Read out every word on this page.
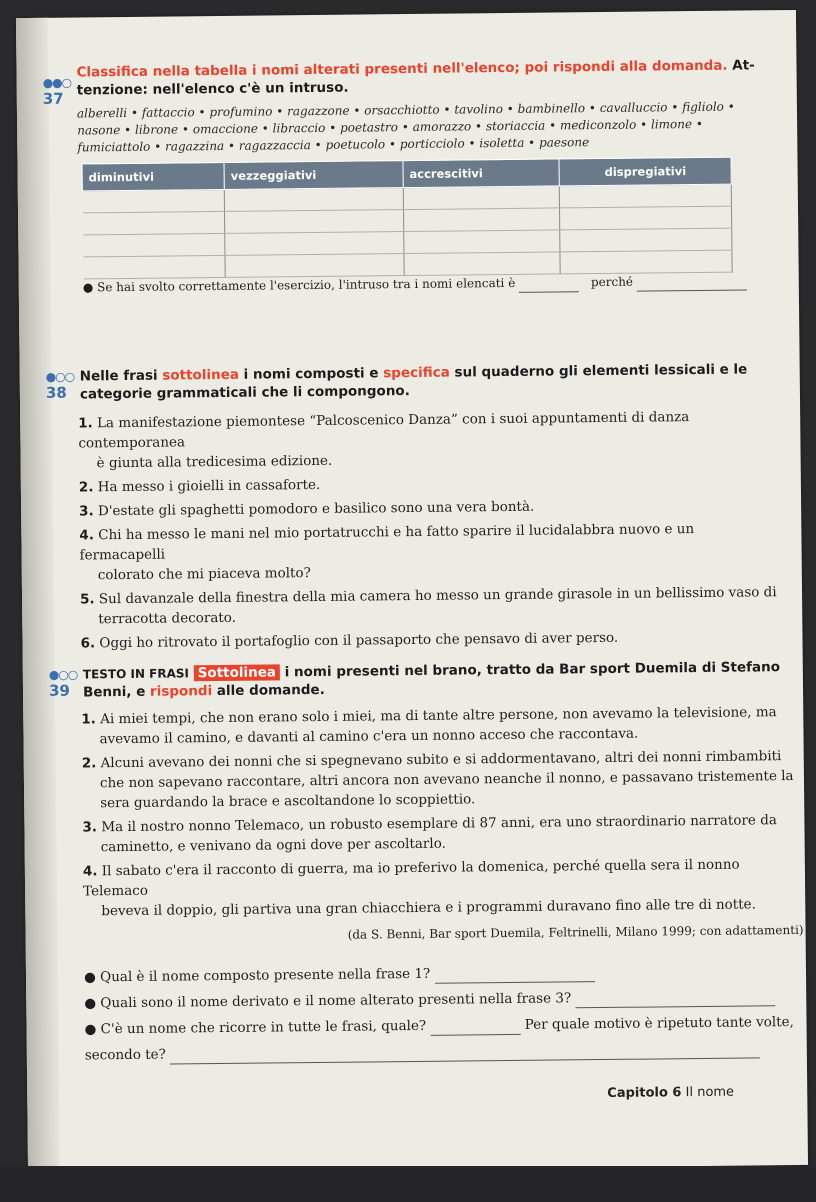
●●○
37
Classifica nella tabella i nomi alterati presenti nell'elenco; poi rispondi alla domanda. At-
tenzione: nell'elenco c'è un intruso.
alberelli • fattaccio • profumino • ragazzone • orsacchiotto • tavolino • bambinello • cavalluccio • figliolo •
nasone • librone • omaccione • libraccio • poetastro • amorazzo • storiaccia • mediconzolo • limone •
fumiciattolo • ragazzina • ragazzaccia • poetucolo • porticciolo • isoletta • paesone
diminutivi	vezzeggiativi	accrescitivi	dispregiativi

● Se hai svolto correttamente l'esercizio, l'intruso tra i nomi elencati è	perché
●○○
38
Nelle frasi sottolinea i nomi composti e specifica sul quaderno gli elementi lessicali e le
categorie grammaticali che li compongono.
1. La manifestazione piemontese “Palcoscenico Danza” con i suoi appuntamenti di danza contemporanea
è giunta alla tredicesima edizione.
2. Ha messo i gioielli in cassaforte.
3. D'estate gli spaghetti pomodoro e basilico sono una vera bontà.
4. Chi ha messo le mani nel mio portatrucchi e ha fatto sparire il lucidalabbra nuovo e un fermacapelli
colorato che mi piaceva molto?
5. Sul davanzale della finestra della mia camera ho messo un grande girasole in un bellissimo vaso di
terracotta decorato.
6. Oggi ho ritrovato il portafoglio con il passaporto che pensavo di aver perso.
●○○
39
TESTO IN FRASI Sottolinea i nomi presenti nel brano, tratto da Bar sport Duemila di Stefano
Benni, e rispondi alle domande.
1. Ai miei tempi, che non erano solo i miei, ma di tante altre persone, non avevamo la televisione, ma
avevamo il camino, e davanti al camino c'era un nonno acceso che raccontava.
2. Alcuni avevano dei nonni che si spegnevano subito e si addormentavano, altri dei nonni rimbambiti
che non sapevano raccontare, altri ancora non avevano neanche il nonno, e passavano tristemente la
sera guardando la brace e ascoltandone lo scoppiettio.
3. Ma il nostro nonno Telemaco, un robusto esemplare di 87 anni, era uno straordinario narratore da
caminetto, e venivano da ogni dove per ascoltarlo.
4. Il sabato c'era il racconto di guerra, ma io preferivo la domenica, perché quella sera il nonno Telemaco
beveva il doppio, gli partiva una gran chiacchiera e i programmi duravano fino alle tre di notte.
(da S. Benni, Bar sport Duemila, Feltrinelli, Milano 1999; con adattamenti)
● Qual è il nome composto presente nella frase 1?
● Quali sono il nome derivato e il nome alterato presenti nella frase 3?
● C'è un nome che ricorre in tutte le frasi, quale?	Per quale motivo è ripetuto tante volte,
secondo te?
Capitolo 6 Il nome
